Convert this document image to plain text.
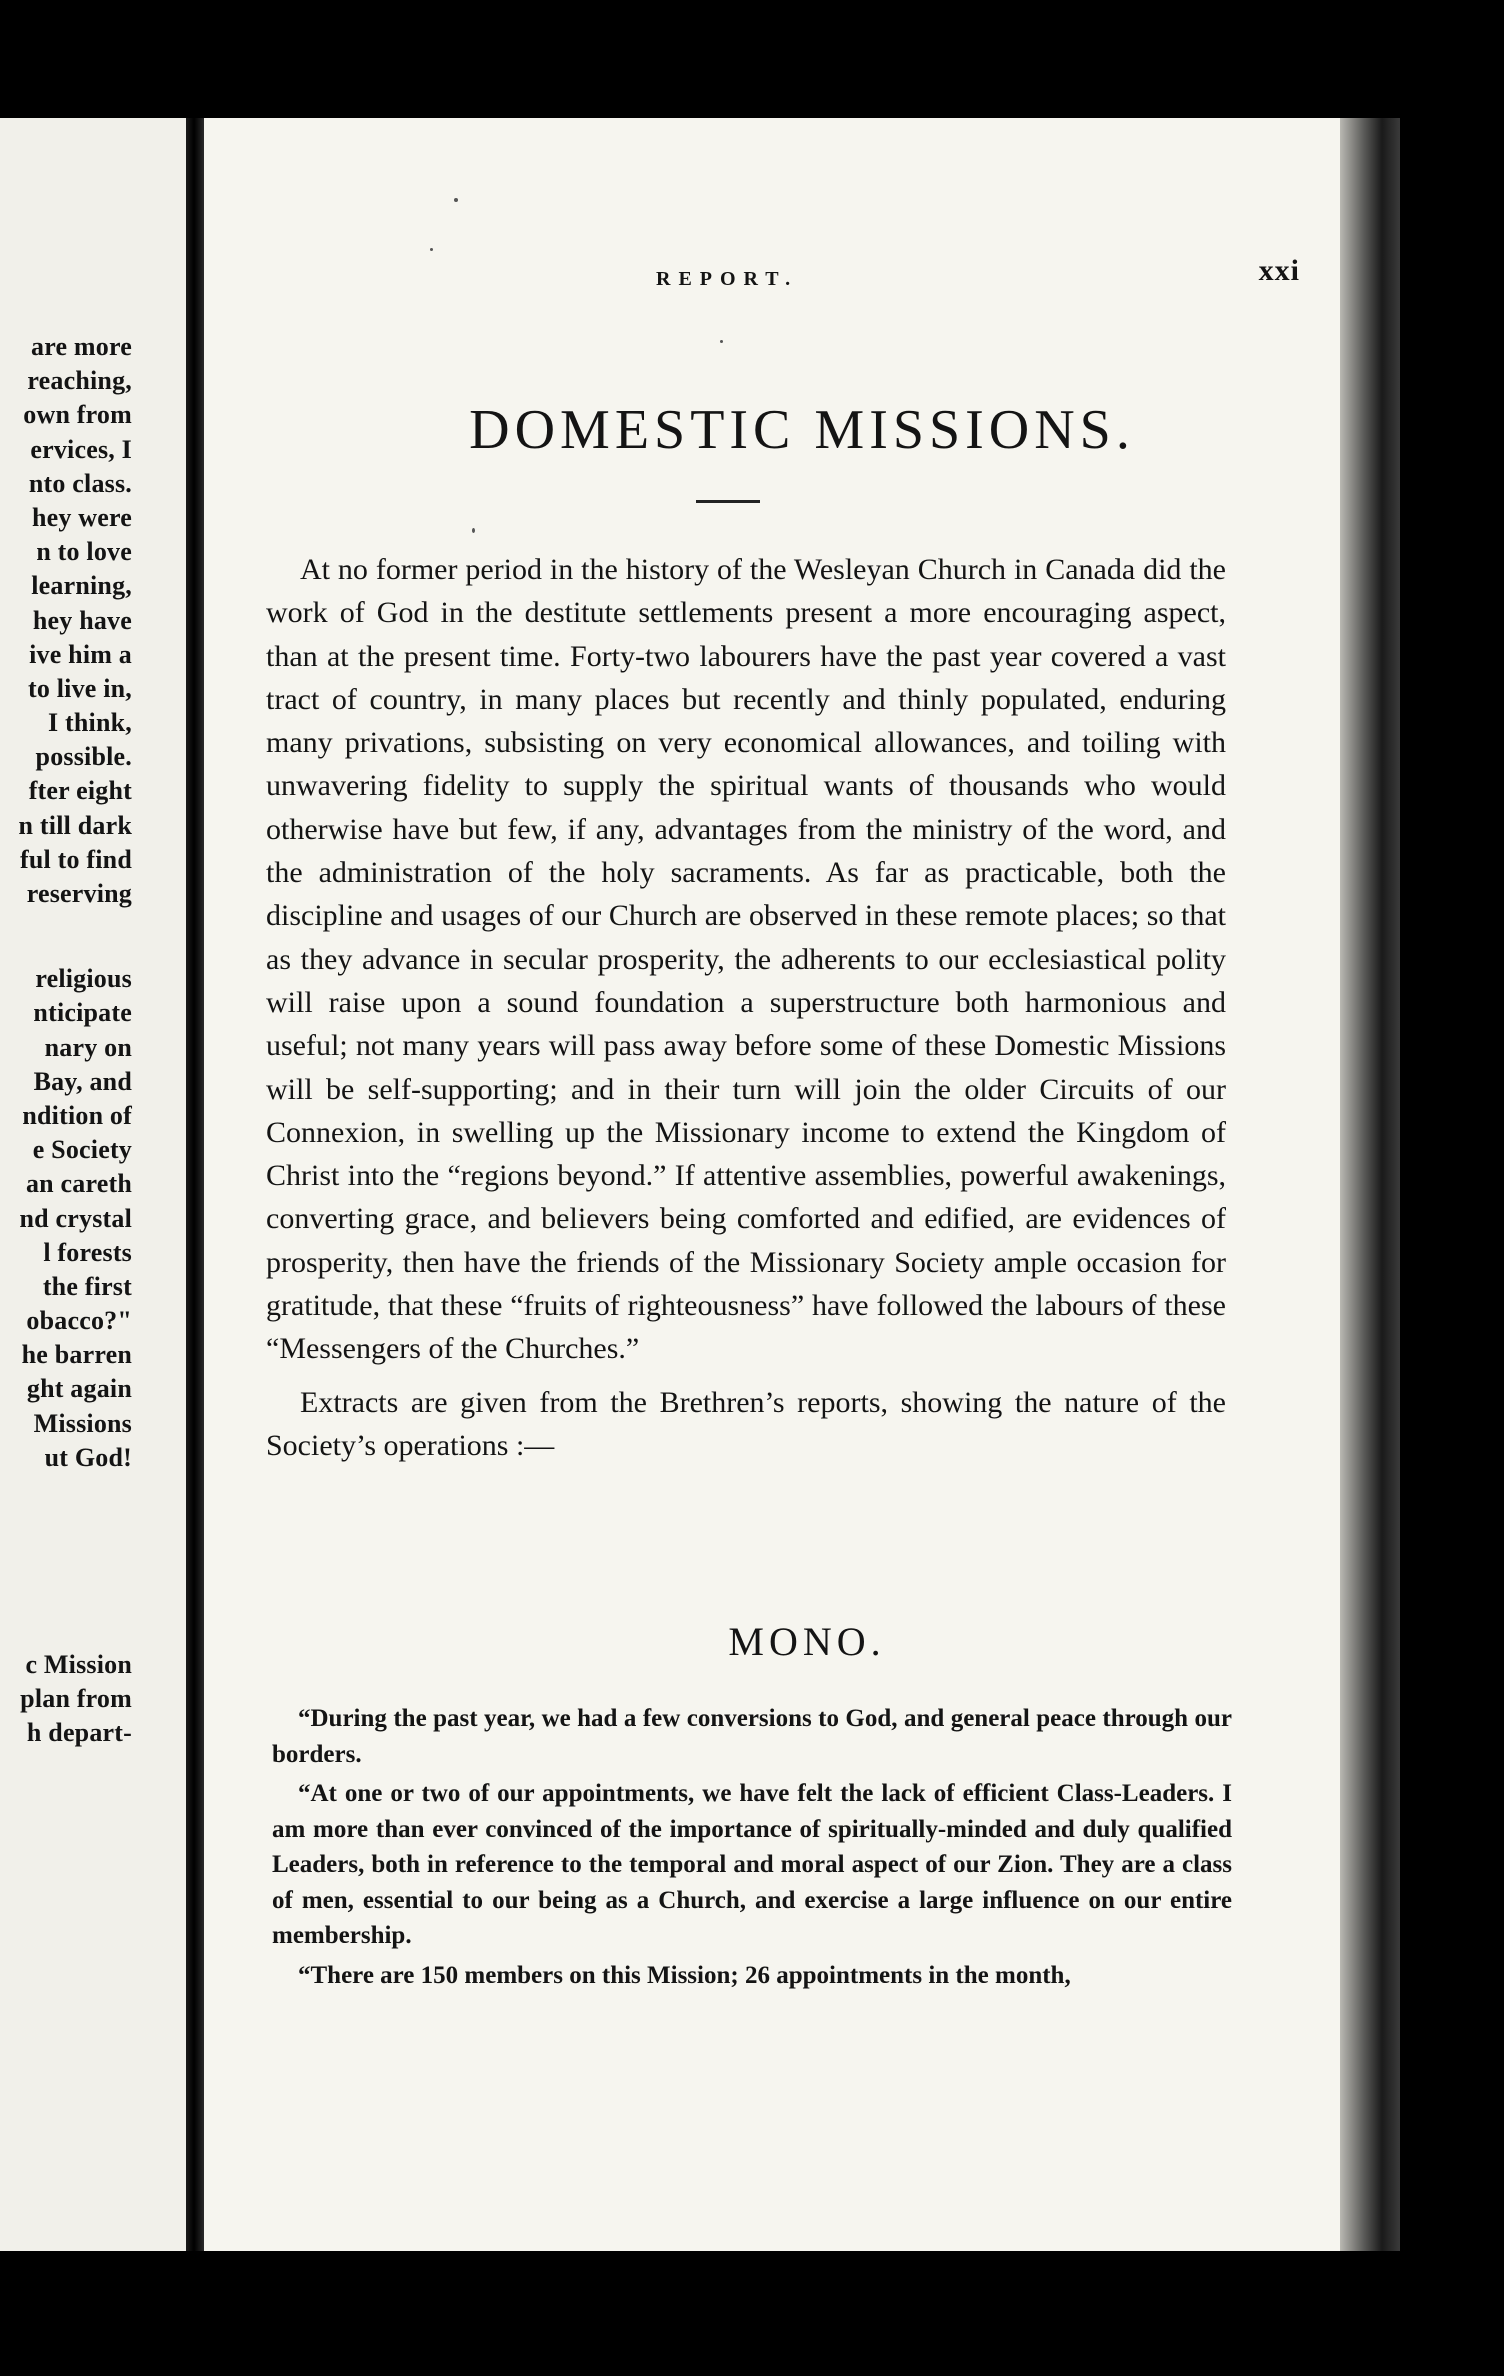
are more
reaching,
own from
ervices, I
nto class.
hey were
n to love
learning,
hey have
ive him a
to live in,
I think,
possible.
fter eight
n till dark
ful to find
reserving
religious
nticipate
nary on
Bay, and
ndition of
e Society
an careth
nd crystal
l forests
the first
obacco?"
he barren
ght again
Missions
ut God!
c Mission
plan from
h depart-
REPORT.	xxi
DOMESTIC MISSIONS.

At no former period in the history of the Wesleyan Church in Canada did the work of God in the destitute settlements present a more encouraging aspect, than at the present time. Forty-two labourers have the past year covered a vast tract of country, in many places but recently and thinly populated, enduring many privations, subsisting on very economical allowances, and toiling with unwavering fidelity to supply the spiritual wants of thousands who would otherwise have but few, if any, advantages from the ministry of the word, and the administration of the holy sacraments. As far as practicable, both the discipline and usages of our Church are observed in these remote places; so that as they advance in secular prosperity, the adherents to our ecclesiastical polity will raise upon a sound foundation a superstructure both harmonious and useful; not many years will pass away before some of these Domestic Missions will be self-supporting; and in their turn will join the older Circuits of our Connexion, in swelling up the Missionary income to extend the Kingdom of Christ into the “regions beyond.” If attentive assemblies, powerful awakenings, converting grace, and believers being comforted and edified, are evidences of prosperity, then have the friends of the Missionary Society ample occasion for gratitude, that these “fruits of righteousness” have followed the labours of these “Messengers of the Churches.”

Extracts are given from the Brethren’s reports, showing the nature of the Society’s operations :—

MONO.

“During the past year, we had a few conversions to God, and general peace through our borders.

“At one or two of our appointments, we have felt the lack of efficient Class-Leaders. I am more than ever convinced of the importance of spiritually-minded and duly qualified Leaders, both in reference to the temporal and moral aspect of our Zion. They are a class of men, essential to our being as a Church, and exercise a large influence on our entire membership.

“There are 150 members on this Mission; 26 appointments in the month,
